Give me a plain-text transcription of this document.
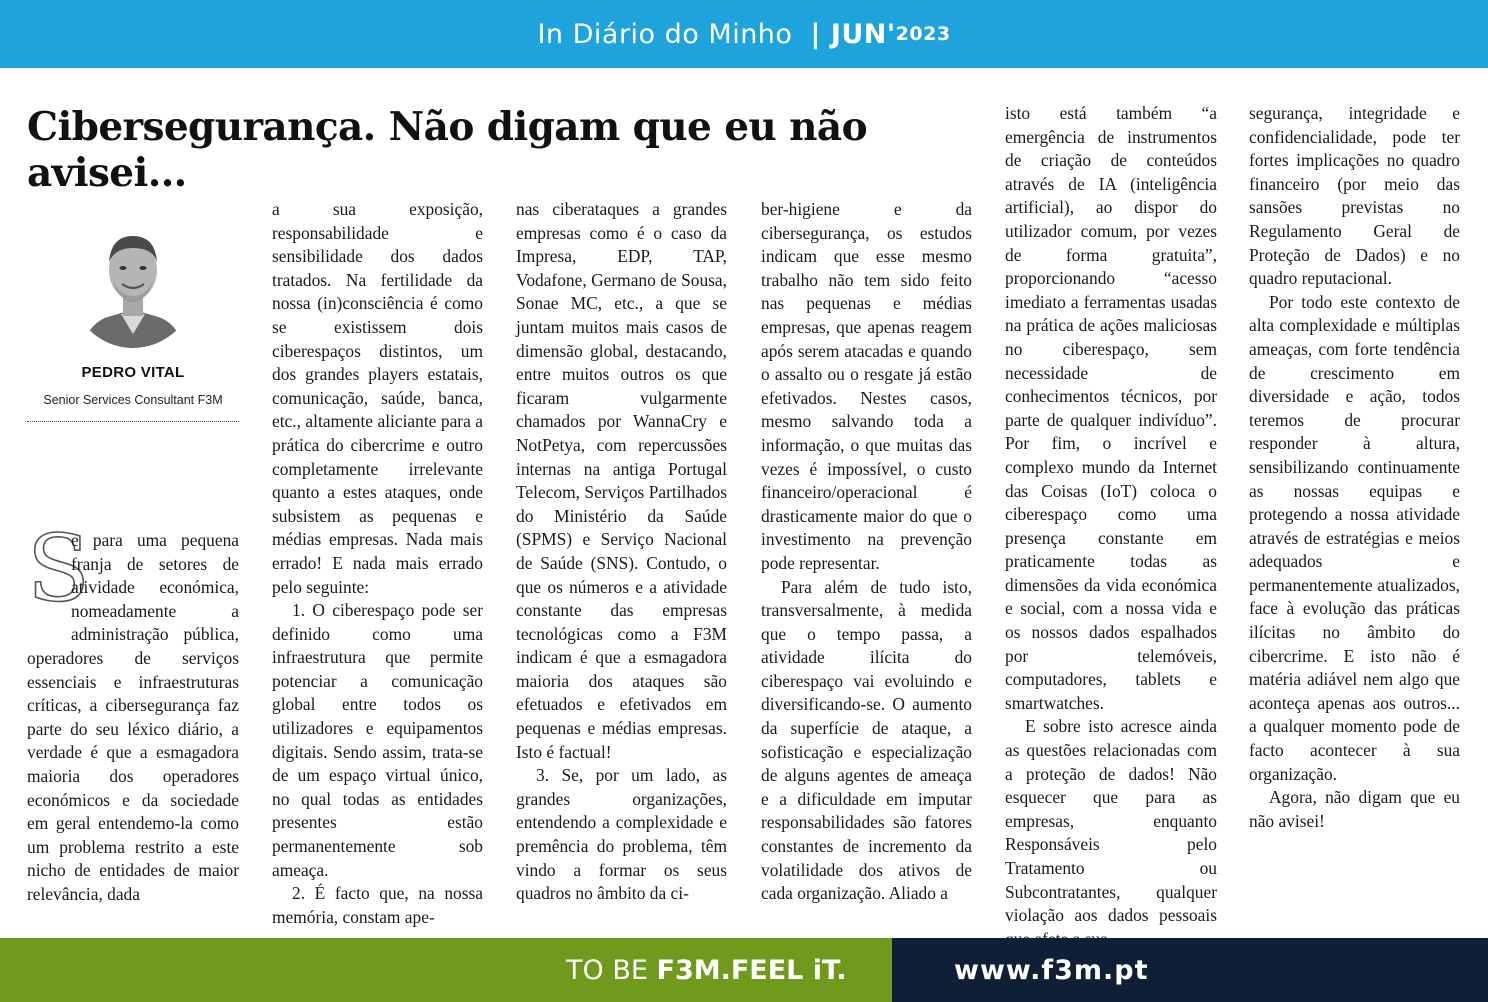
In Diário do Minho | JUN' 2023
Cibersegurança. Não digam que eu não avisei...
PEDRO VITAL
Senior Services Consultant F3M
S

e para uma pequena franja de setores de atividade económica, nomeadamente a administração pública, operadores de serviços essenciais e infraestruturas críticas, a cibersegurança faz parte do seu léxico diário, a verdade é que a esmagadora maioria dos operadores económicos e da sociedade em geral entendemo-la como um problema restrito a este nicho de entidades de maior relevância, dada

a sua exposição, responsabilidade e sensibilidade dos dados tratados. Na fertilidade da nossa (in)consciência é como se existissem dois ciberespaços distintos, um dos grandes players estatais, comunicação, saúde, banca, etc., altamente aliciante para a prática do cibercrime e outro completamente irrelevante quanto a estes ataques, onde subsistem as pequenas e médias empresas. Nada mais errado! E nada mais errado pelo seguinte:

1. O ciberespaço pode ser definido como uma infraestrutura que permite potenciar a comunicação global entre todos os utilizadores e equipamentos digitais. Sendo assim, trata-se de um espaço virtual único, no qual todas as entidades presentes estão permanentemente sob ameaça.

2. É facto que, na nossa memória, constam ape-

nas ciberataques a grandes empresas como é o caso da Impresa, EDP, TAP, Vodafone, Germano de Sousa, Sonae MC, etc., a que se juntam muitos mais casos de dimensão global, destacando, entre muitos outros os que ficaram vulgarmente chamados por WannaCry e NotPetya, com repercussões internas na antiga Portugal Telecom, Serviços Partilhados do Ministério da Saúde (SPMS) e Serviço Nacional de Saúde (SNS). Contudo, o que os números e a atividade constante das empresas tecnológicas como a F3M indicam é que a esmagadora maioria dos ataques são efetuados e efetivados em pequenas e médias empresas. Isto é factual!

3. Se, por um lado, as grandes organizações, entendendo a complexidade e premência do problema, têm vindo a formar os seus quadros no âmbito da ci-

ber-higiene e da cibersegurança, os estudos indicam que esse mesmo trabalho não tem sido feito nas pequenas e médias empresas, que apenas reagem após serem atacadas e quando o assalto ou o resgate já estão efetivados. Nestes casos, mesmo salvando toda a informação, o que muitas das vezes é impossível, o custo financeiro/operacional é drasticamente maior do que o investimento na prevenção pode representar.

Para além de tudo isto, transversalmente, à medida que o tempo passa, a atividade ilícita do ciberespaço vai evoluindo e diversificando-se. O aumento da superfície de ataque, a sofisticação e especialização de alguns agentes de ameaça e a dificuldade em imputar responsabilidades são fatores constantes de incremento da volatilidade dos ativos de cada organização. Aliado a

isto está também “a emergência de instrumentos de criação de conteúdos através de IA (inteligência artificial), ao dispor do utilizador comum, por vezes de forma gratuita”, proporcionando “acesso imediato a ferramentas usadas na prática de ações maliciosas no ciberespaço, sem necessidade de conhecimentos técnicos, por parte de qualquer indivíduo”. Por fim, o incrível e complexo mundo da Internet das Coisas (IoT) coloca o ciberespaço como uma presença constante em praticamente todas as dimensões da vida económica e social, com a nossa vida e os nossos dados espalhados por telemóveis, computadores, tablets e smartwatches.

E sobre isto acresce ainda as questões relacionadas com a proteção de dados! Não esquecer que para as empresas, enquanto Responsáveis pelo Tratamento ou Subcontratantes, qualquer violação aos dados pessoais

segurança, integridade e confidencialidade, pode ter fortes implicações no quadro financeiro (por meio das sansões previstas no Regulamento Geral de Proteção de Dados) e no quadro reputacional.

Por todo este contexto de alta complexidade e múltiplas ameaças, com forte tendência de crescimento em diversidade e ação, todos teremos de procurar responder à altura, sensibilizando continuamente as nossas equipas e protegendo a nossa atividade através de estratégias e meios adequados e permanentemente atualizados, face à evolução das práticas ilícitas no âmbito do cibercrime. E isto não é matéria adiável nem algo que aconteça apenas aos outros... a qualquer momento pode de facto acontecer à sua organização.

Agora, não digam que eu não avisei!

TO BE F3M.FEEL iT.	www.f3m.pt
